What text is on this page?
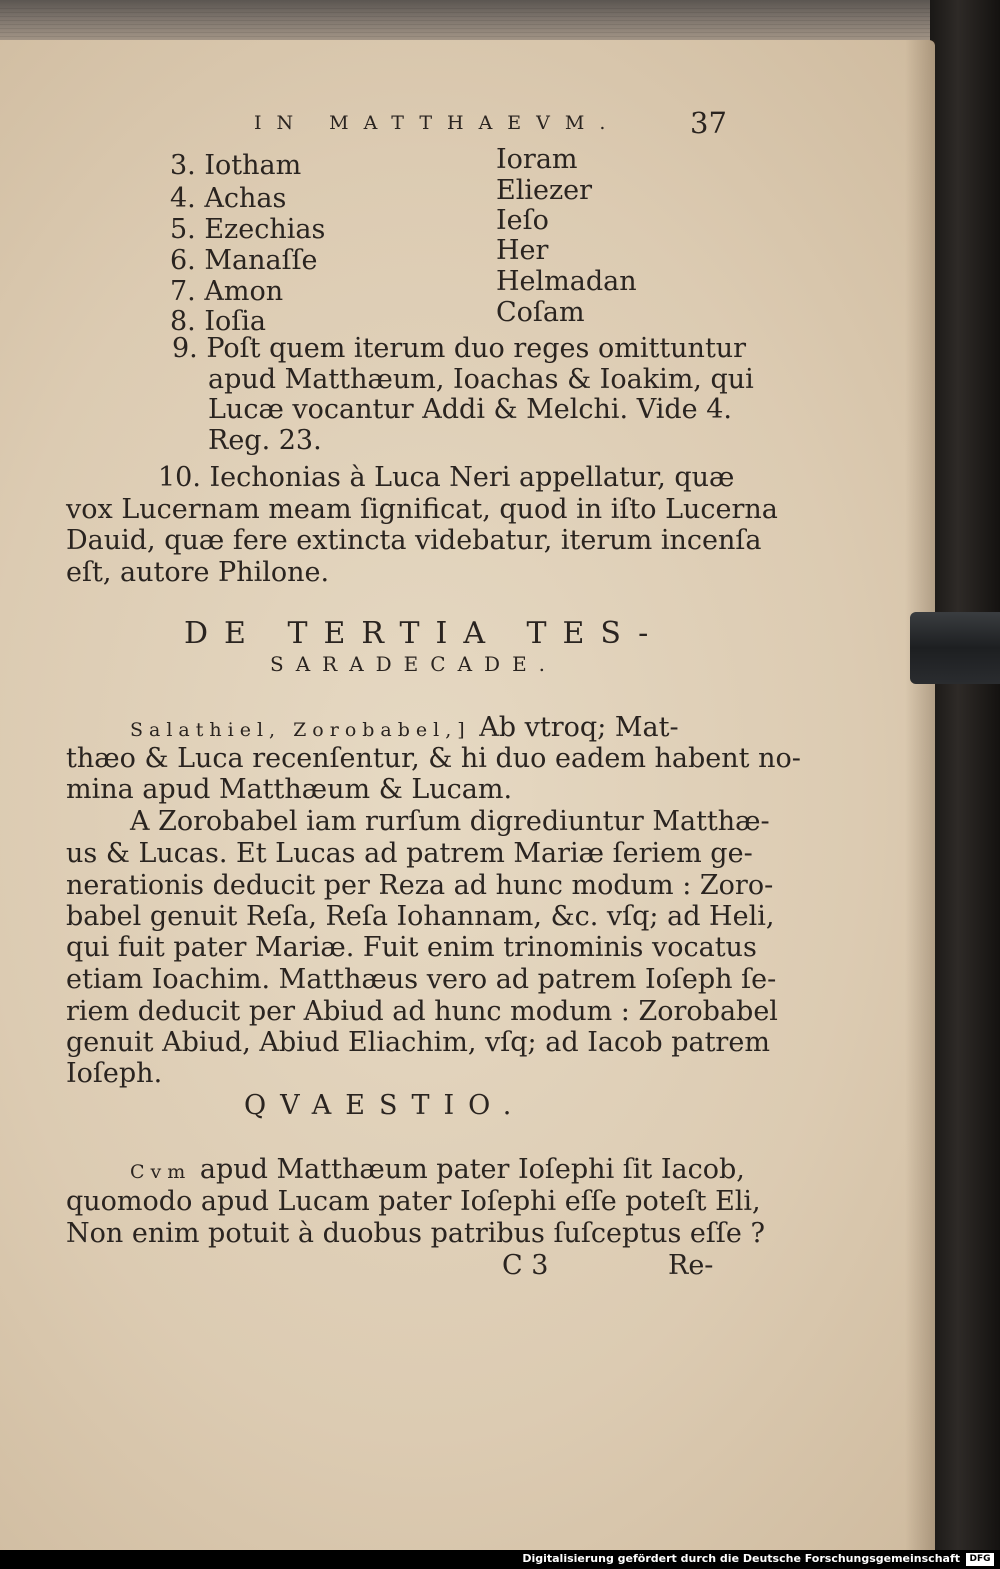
IN MATTHAEVM. 37
3. Iotham
4. Achas
5. Ezechias
6. Manaſſe
7. Amon
8. Ioſia
Ioram
Eliezer
Ieſo
Her
Helmadan
Coſam
9. Poſt quem iterum duo reges omittuntur
apud Matthæum, Ioachas & Ioakim, qui
Lucæ vocantur Addi & Melchi. Vide 4.
Reg. 23.
10. Iechonias à Luca Neri appellatur, quæ
vox Lucernam meam ſignificat, quod in iſto Lucerna
Dauid, quæ fere extincta videbatur, iterum incenſa
eſt, autore Philone.
DE TERTIA TES-
SARADECADE.
Salathiel, Zorobabel,] Ab vtroq; Mat-
thæo & Luca recenſentur, & hi duo eadem habent no-
mina apud Matthæum & Lucam.
A Zorobabel iam rurſum digrediuntur Matthæ-
us & Lucas. Et Lucas ad patrem Mariæ ſeriem ge-
nerationis deducit per Reza ad hunc modum : Zoro-
babel genuit Reſa, Reſa Iohannam, &c. vſq; ad Heli,
qui fuit pater Mariæ. Fuit enim trinominis vocatus
etiam Ioachim. Matthæus vero ad patrem Ioſeph ſe-
riem deducit per Abiud ad hunc modum : Zorobabel
genuit Abiud, Abiud Eliachim, vſq; ad Iacob patrem
Ioſeph.
QVAESTIO.
Cvm apud Matthæum pater Ioſephi ſit Iacob,
quomodo apud Lucam pater Ioſephi eſſe poteſt Eli,
Non enim potuit à duobus patribus ſuſceptus eſſe ?
C 3	Re-
Digitalisierung gefördert durch die Deutsche Forschungsgemeinschaft	DFG
